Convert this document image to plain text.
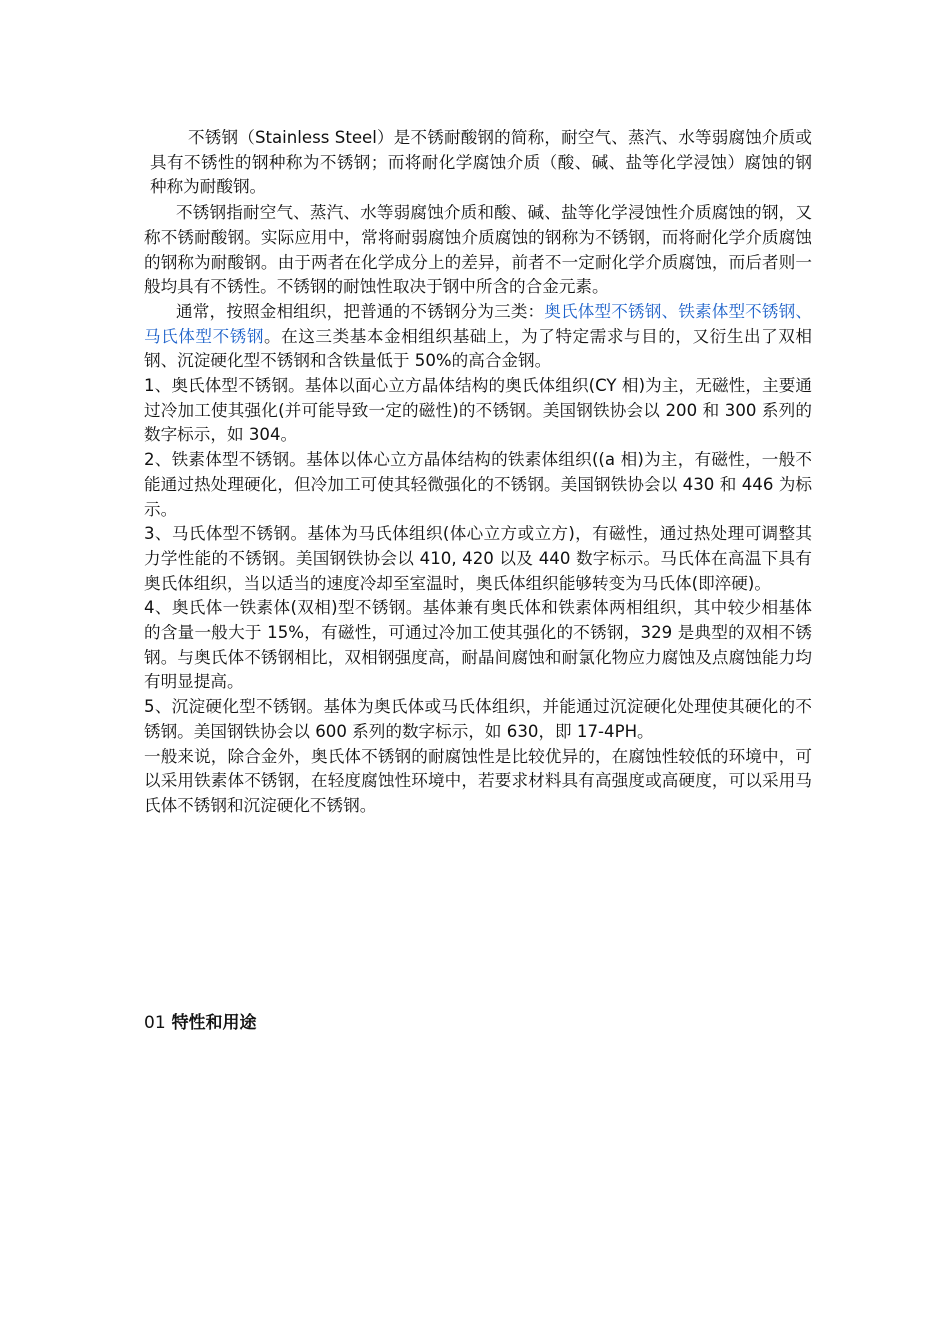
不锈钢（Stainless Steel）是不锈耐酸钢的简称，耐空气、蒸汽、水等弱腐蚀介质或具有不锈性的钢种称为不锈钢；而将耐化学腐蚀介质（酸、碱、盐等化学浸蚀）腐蚀的钢种称为耐酸钢。

不锈钢指耐空气、蒸汽、水等弱腐蚀介质和酸、碱、盐等化学浸蚀性介质腐蚀的钢，又称不锈耐酸钢。实际应用中，常将耐弱腐蚀介质腐蚀的钢称为不锈钢，而将耐化学介质腐蚀的钢称为耐酸钢。由于两者在化学成分上的差异，前者不一定耐化学介质腐蚀，而后者则一般均具有不锈性。不锈钢的耐蚀性取决于钢中所含的合金元素。

通常，按照金相组织，把普通的不锈钢分为三类：奥氏体型不锈钢、铁素体型不锈钢、马氏体型不锈钢。在这三类基本金相组织基础上，为了特定需求与目的，又衍生出了双相钢、沉淀硬化型不锈钢和含铁量低于 50%的高合金钢。

1、奥氏体型不锈钢。基体以面心立方晶体结构的奥氏体组织(CY 相)为主，无磁性，主要通过冷加工使其强化(并可能导致一定的磁性)的不锈钢。美国钢铁协会以 200 和 300 系列的数字标示，如 304。

2、铁素体型不锈钢。基体以体心立方晶体结构的铁素体组织((a 相)为主，有磁性，一般不能通过热处理硬化，但冷加工可使其轻微强化的不锈钢。美国钢铁协会以 430 和 446 为标示。

3、马氏体型不锈钢。基体为马氏体组织(体心立方或立方)，有磁性，通过热处理可调整其力学性能的不锈钢。美国钢铁协会以 410, 420 以及 440 数字标示。马氏体在高温下具有奥氏体组织，当以适当的速度冷却至室温时，奥氏体组织能够转变为马氏体(即淬硬)。

4、奥氏体一铁素体(双相)型不锈钢。基体兼有奥氏体和铁素体两相组织，其中较少相基体的含量一般大于 15%，有磁性，可通过冷加工使其强化的不锈钢，329 是典型的双相不锈钢。与奥氏体不锈钢相比，双相钢强度高，耐晶间腐蚀和耐氯化物应力腐蚀及点腐蚀能力均有明显提高。

5、沉淀硬化型不锈钢。基体为奥氏体或马氏体组织，并能通过沉淀硬化处理使其硬化的不锈钢。美国钢铁协会以 600 系列的数字标示，如 630，即 17-4PH。

一般来说，除合金外，奥氏体不锈钢的耐腐蚀性是比较优异的，在腐蚀性较低的环境中，可以采用铁素体不锈钢，在轻度腐蚀性环境中，若要求材料具有高强度或高硬度，可以采用马氏体不锈钢和沉淀硬化不锈钢。

01 特性和用途
